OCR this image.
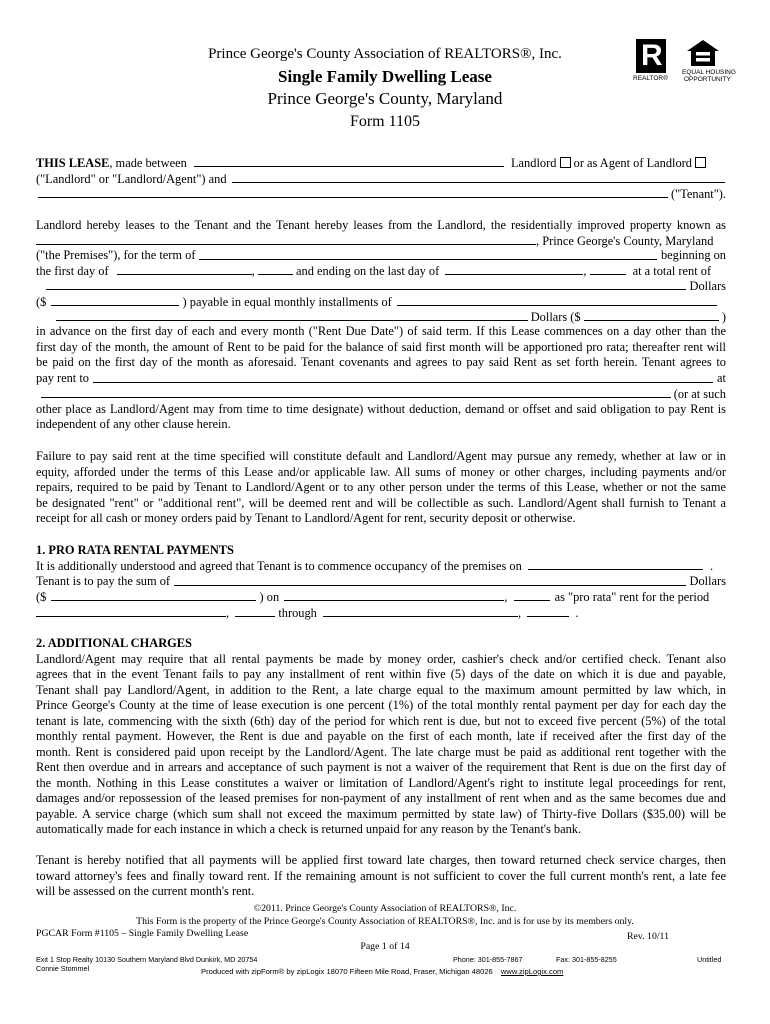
Prince George's County Association of REALTORS®, Inc.
Single Family Dwelling Lease
Prince George's County, Maryland
Form 1105
R
REALTOR®
EQUAL HOUSING
OPPORTUNITY
THIS LEASE, made between	Landlord or as Agent of Landlord
("Landlord" or "Landlord/Agent") and
("Tenant").
Landlord hereby leases to the Tenant and the Tenant hereby leases from the Landlord, the residentially improved property known as
, Prince George's County, Maryland
("the Premises"), for the term of	beginning on
the first day of	,	and ending on the last day of	,	at a total rent of
Dollars
($	) payable in equal monthly installments of
Dollars ($	)
in advance on the first day of each and every month ("Rent Due Date") of said term. If this Lease commences on a day other than the
first day of the month, the amount of Rent to be paid for the balance of said first month will be apportioned pro rata; thereafter rent will
be paid on the first day of the month as aforesaid. Tenant covenants and agrees to pay said Rent as set forth herein. Tenant agrees to
pay rent to	at
(or at such
other place as Landlord/Agent may from time to time designate) without deduction, demand or offset and said obligation to pay Rent is
independent of any other clause herein.
Failure to pay said rent at the time specified will constitute default and Landlord/Agent may pursue any remedy, whether at law or in
equity, afforded under the terms of this Lease and/or applicable law. All sums of money or other charges, including payments and/or
repairs, required to be paid by Tenant to Landlord/Agent or to any other person under the terms of this Lease, whether or not the same
be designated "rent" or "additional rent", will be deemed rent and will be collectible as such. Landlord/Agent shall furnish to Tenant a
receipt for all cash or money orders paid by Tenant to Landlord/Agent for rent, security deposit or otherwise.
1. PRO RATA RENTAL PAYMENTS
It is additionally understood and agreed that Tenant is to commence occupancy of the premises on	.
Tenant is to pay the sum of	Dollars
($	) on	,	as "pro rata" rent for the period
,	through	,	.
2. ADDITIONAL CHARGES
Landlord/Agent may require that all rental payments be made by money order, cashier's check and/or certified check. Tenant also
agrees that in the event Tenant fails to pay any installment of rent within five (5) days of the date on which it is due and payable,
Tenant shall pay Landlord/Agent, in addition to the Rent, a late charge equal to the maximum amount permitted by law which, in
Prince George's County at the time of lease execution is one percent (1%) of the total monthly rental payment per day for each day the
tenant is late, commencing with the sixth (6th) day of the period for which rent is due, but not to exceed five percent (5%) of the total
monthly rental payment. However, the Rent is due and payable on the first of each month, late if received after the first day of the
month. Rent is considered paid upon receipt by the Landlord/Agent. The late charge must be paid as additional rent together with the
Rent then overdue and in arrears and acceptance of such payment is not a waiver of the requirement that Rent is due on the first day of
the month. Nothing in this Lease constitutes a waiver or limitation of Landlord/Agent's right to institute legal proceedings for rent,
damages and/or repossession of the leased premises for non-payment of any installment of rent when and as the same becomes due and
payable. A service charge (which sum shall not exceed the maximum permitted by state law) of Thirty-five Dollars ($35.00) will be
automatically made for each instance in which a check is returned unpaid for any reason by the Tenant's bank.
Tenant is hereby notified that all payments will be applied first toward late charges, then toward returned check service charges, then
toward attorney's fees and finally toward rent. If the remaining amount is not sufficient to cover the full current month's rent, a late fee
will be assessed on the current month's rent.
©2011. Prince George's County Association of REALTORS®, Inc.
This Form is the property of the Prince George's County Association of REALTORS®, Inc. and is for use by its members only.
PGCAR Form #1105 – Single Family Dwelling Lease	Rev. 10/11
Page 1 of 14
Exit 1 Stop Realty 10130 Southern Maryland Blvd Dunkirk, MD 20754	Phone: 301-855-7867	Fax: 301-855-8255	Untitled
Connie Stommel	Produced with zipForm® by zipLogix 18070 Fifteen Mile Road, Fraser, Michigan 48026 www.zipLogix.com
